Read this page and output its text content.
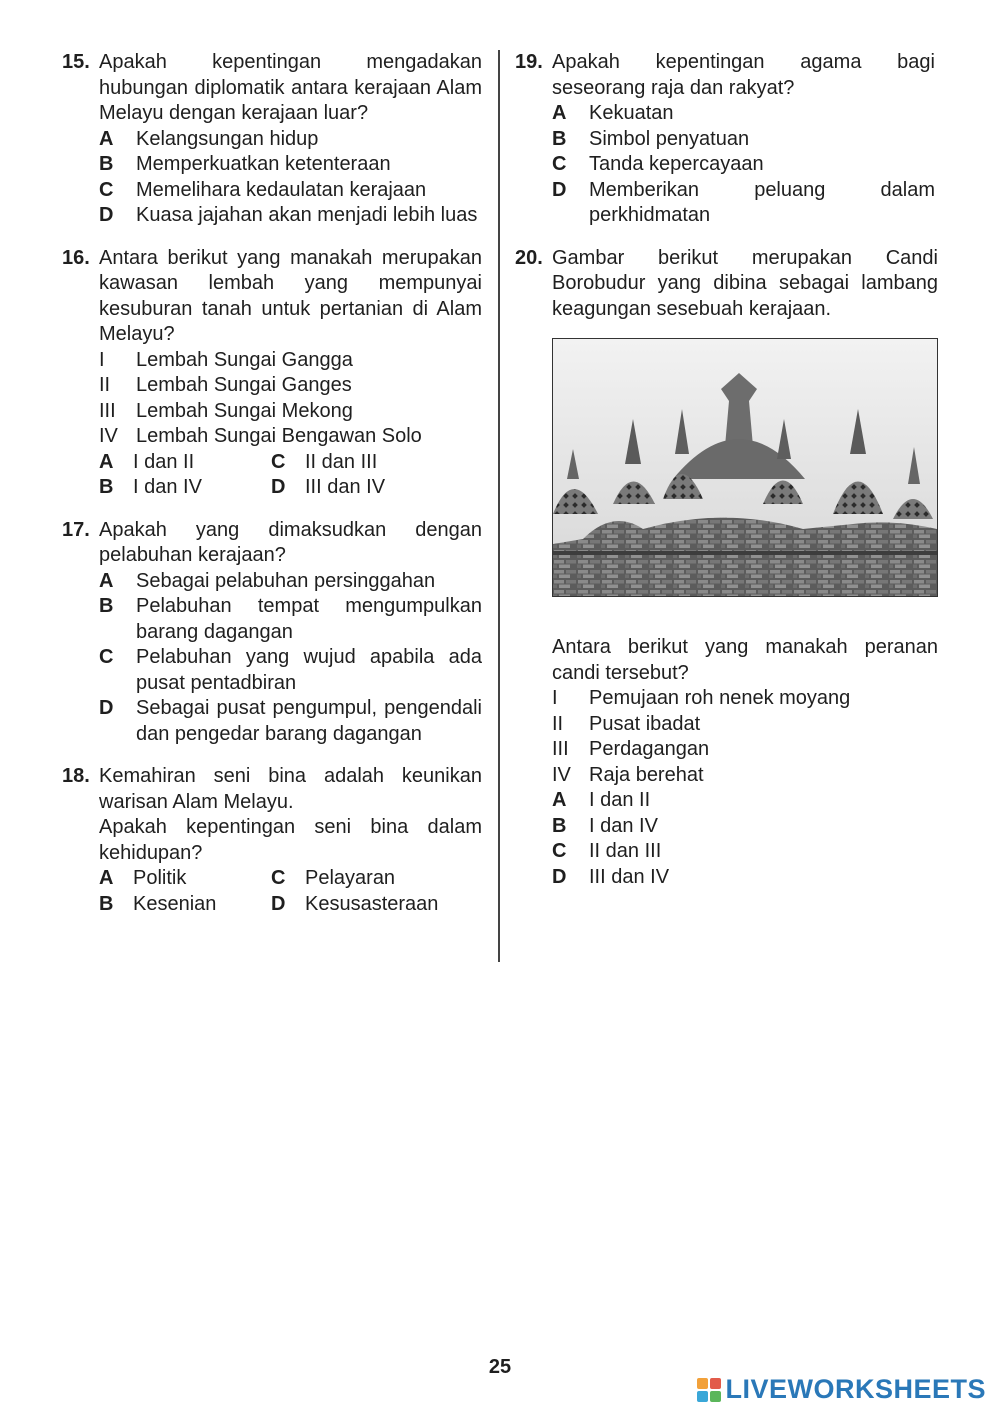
15. Apakah kepentingan mengadakan hubungan diplomatik antara kerajaan Alam Melayu dengan kerajaan luar?
A	Kelangsungan hidup
B	Memperkuatkan ketenteraan
C	Memelihara kedaulatan kerajaan
D	Kuasa jajahan akan menjadi lebih luas
16. Antara berikut yang manakah merupakan kawasan lembah yang mempunyai kesuburan tanah untuk pertanian di Alam Melayu?
I	Lembah Sungai Gangga
II	Lembah Sungai Ganges
III	Lembah Sungai Mekong
IV Lembah Sungai Bengawan Solo
A I dan II	C II dan III
B I dan IV	D III dan IV
17. Apakah yang dimaksudkan dengan pelabuhan kerajaan?
A	Sebagai pelabuhan persinggahan
B	Pelabuhan tempat mengumpulkan barang dagangan
C	Pelabuhan yang wujud apabila ada pusat pentadbiran
D	Sebagai pusat pengumpul, pengendali dan pengedar barang dagangan
18. Kemahiran seni bina adalah keunikan warisan Alam Melayu.

Apakah kepentingan seni bina dalam kehidupan?

A Politik	C Pelayaran
B Kesenian	D Kesusasteraan
19. Apakah kepentingan agama bagi seseorang raja dan rakyat?
A	Kekuatan
B	Simbol penyatuan
C	Tanda kepercayaan
D	Memberikan peluang dalam perkhidmatan
20. Gambar berikut merupakan Candi Borobudur yang dibina sebagai lambang keagungan sesebuah kerajaan.
Antara berikut yang manakah peranan candi tersebut?
I	Pemujaan roh nenek moyang
II	Pusat ibadat
III	Perdagangan
IV Raja berehat
A	I dan II
B	I dan IV
C	II dan III
D	III dan IV
25
LIVEWORKSHEETS
